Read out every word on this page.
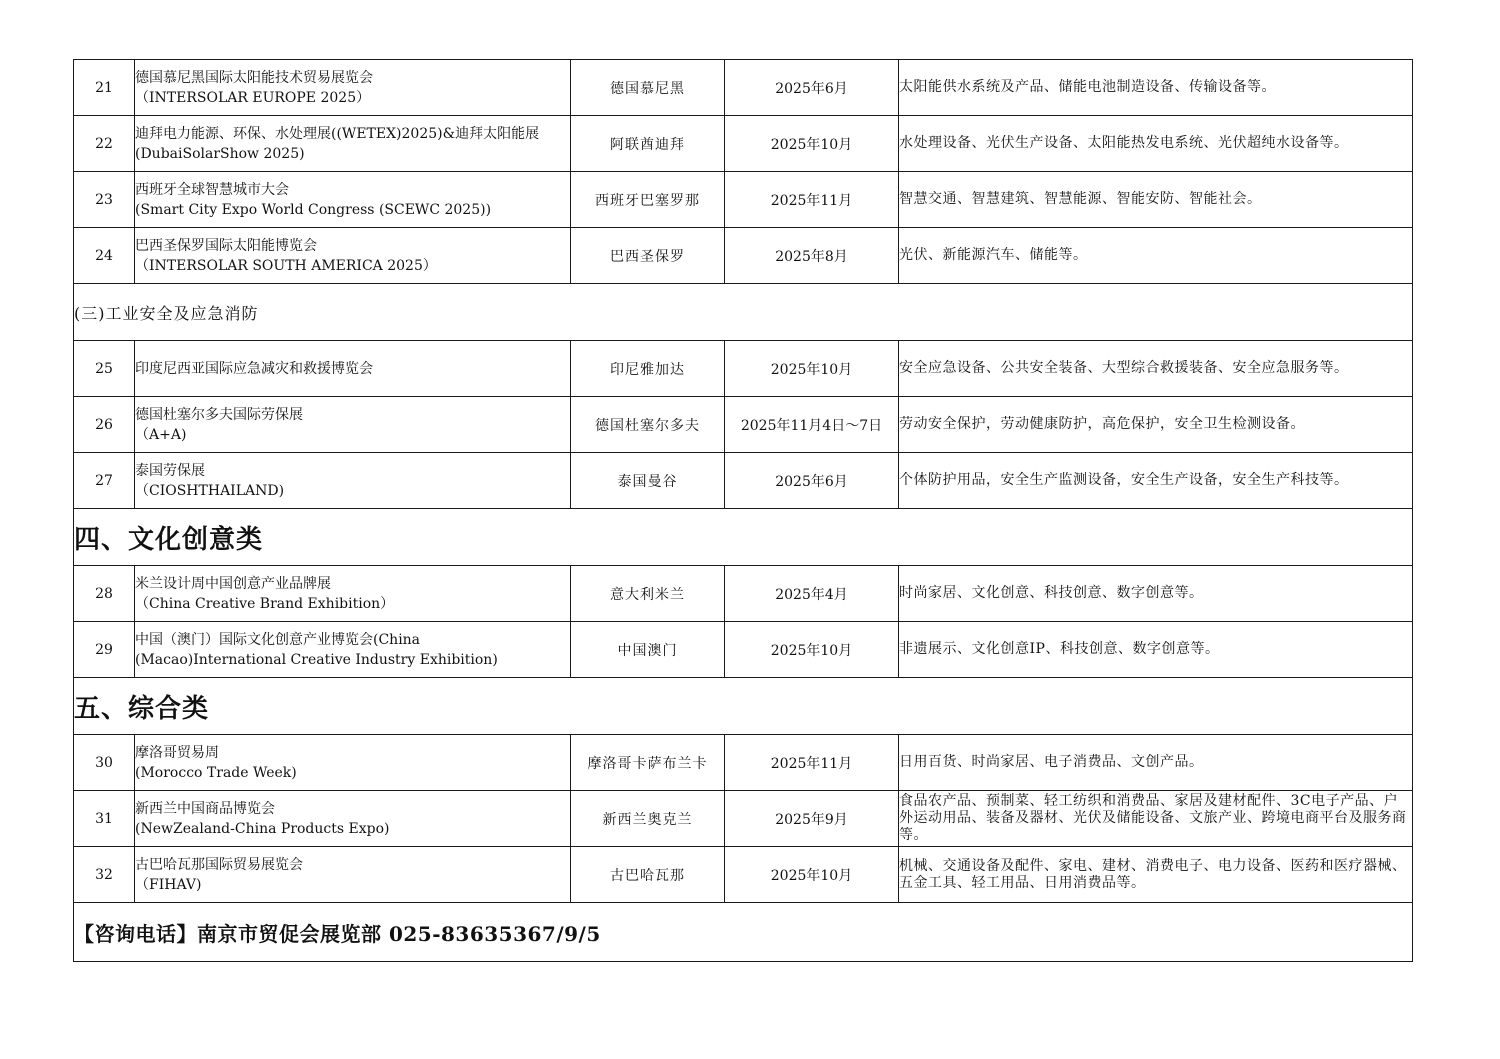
21	德国慕尼黑国际太阳能技术贸易展览会
（INTERSOLAR EUROPE 2025）	德国慕尼黑	2025年6月	太阳能供水系统及产品、储能电池制造设备、传输设备等。

22	迪拜电力能源、环保、水处理展((WETEX)2025)&迪拜太阳能展
(DubaiSolarShow 2025)	阿联酋迪拜	2025年10月	水处理设备、光伏生产设备、太阳能热发电系统、光伏超纯水设备等。

23	西班牙全球智慧城市大会
(Smart City Expo World Congress (SCEWC 2025))	西班牙巴塞罗那	2025年11月	智慧交通、智慧建筑、智慧能源、智能安防、智能社会。

24	巴西圣保罗国际太阳能博览会
（INTERSOLAR SOUTH AMERICA 2025）	巴西圣保罗	2025年8月	光伏、新能源汽车、储能等。

(三)工业安全及应急消防				
25	印度尼西亚国际应急减灾和救援博览会	印尼雅加达	2025年10月	安全应急设备、公共安全装备、大型综合救援装备、安全应急服务等。

26	德国杜塞尔多夫国际劳保展
（A+A)	德国杜塞尔多夫	2025年11月4日～7日	劳动安全保护，劳动健康防护，高危保护，安全卫生检测设备。

27	泰国劳保展
（CIOSHTHAILAND)	泰国曼谷	2025年6月	个体防护用品，安全生产监测设备，安全生产设备，安全生产科技等。

四、文化创意类				
28	米兰设计周中国创意产业品牌展
（China Creative Brand Exhibition）	意大利米兰	2025年4月	时尚家居、文化创意、科技创意、数字创意等。

29	中国（澳门）国际文化创意产业博览会(China
(Macao)International Creative Industry Exhibition)	中国澳门	2025年10月	非遗展示、文化创意IP、科技创意、数字创意等。

五、综合类				
30	摩洛哥贸易周
(Morocco Trade Week)	摩洛哥卡萨布兰卡	2025年11月	日用百货、时尚家居、电子消费品、文创产品。

31	新西兰中国商品博览会
(NewZealand-China Products Expo)	新西兰奥克兰	2025年9月	食品农产品、预制菜、轻工纺织和消费品、家居及建材配件、3C电子产品、户外运动用品、装备及器材、光伏及储能设备、文旅产业、跨境电商平台及服务商等。

32	古巴哈瓦那国际贸易展览会
（FIHAV)	古巴哈瓦那	2025年10月	机械、交通设备及配件、家电、建材、消费电子、电力设备、医药和医疗器械、五金工具、轻工用品、日用消费品等。

【咨询电话】南京市贸促会展览部 025-83635367/9/5				
